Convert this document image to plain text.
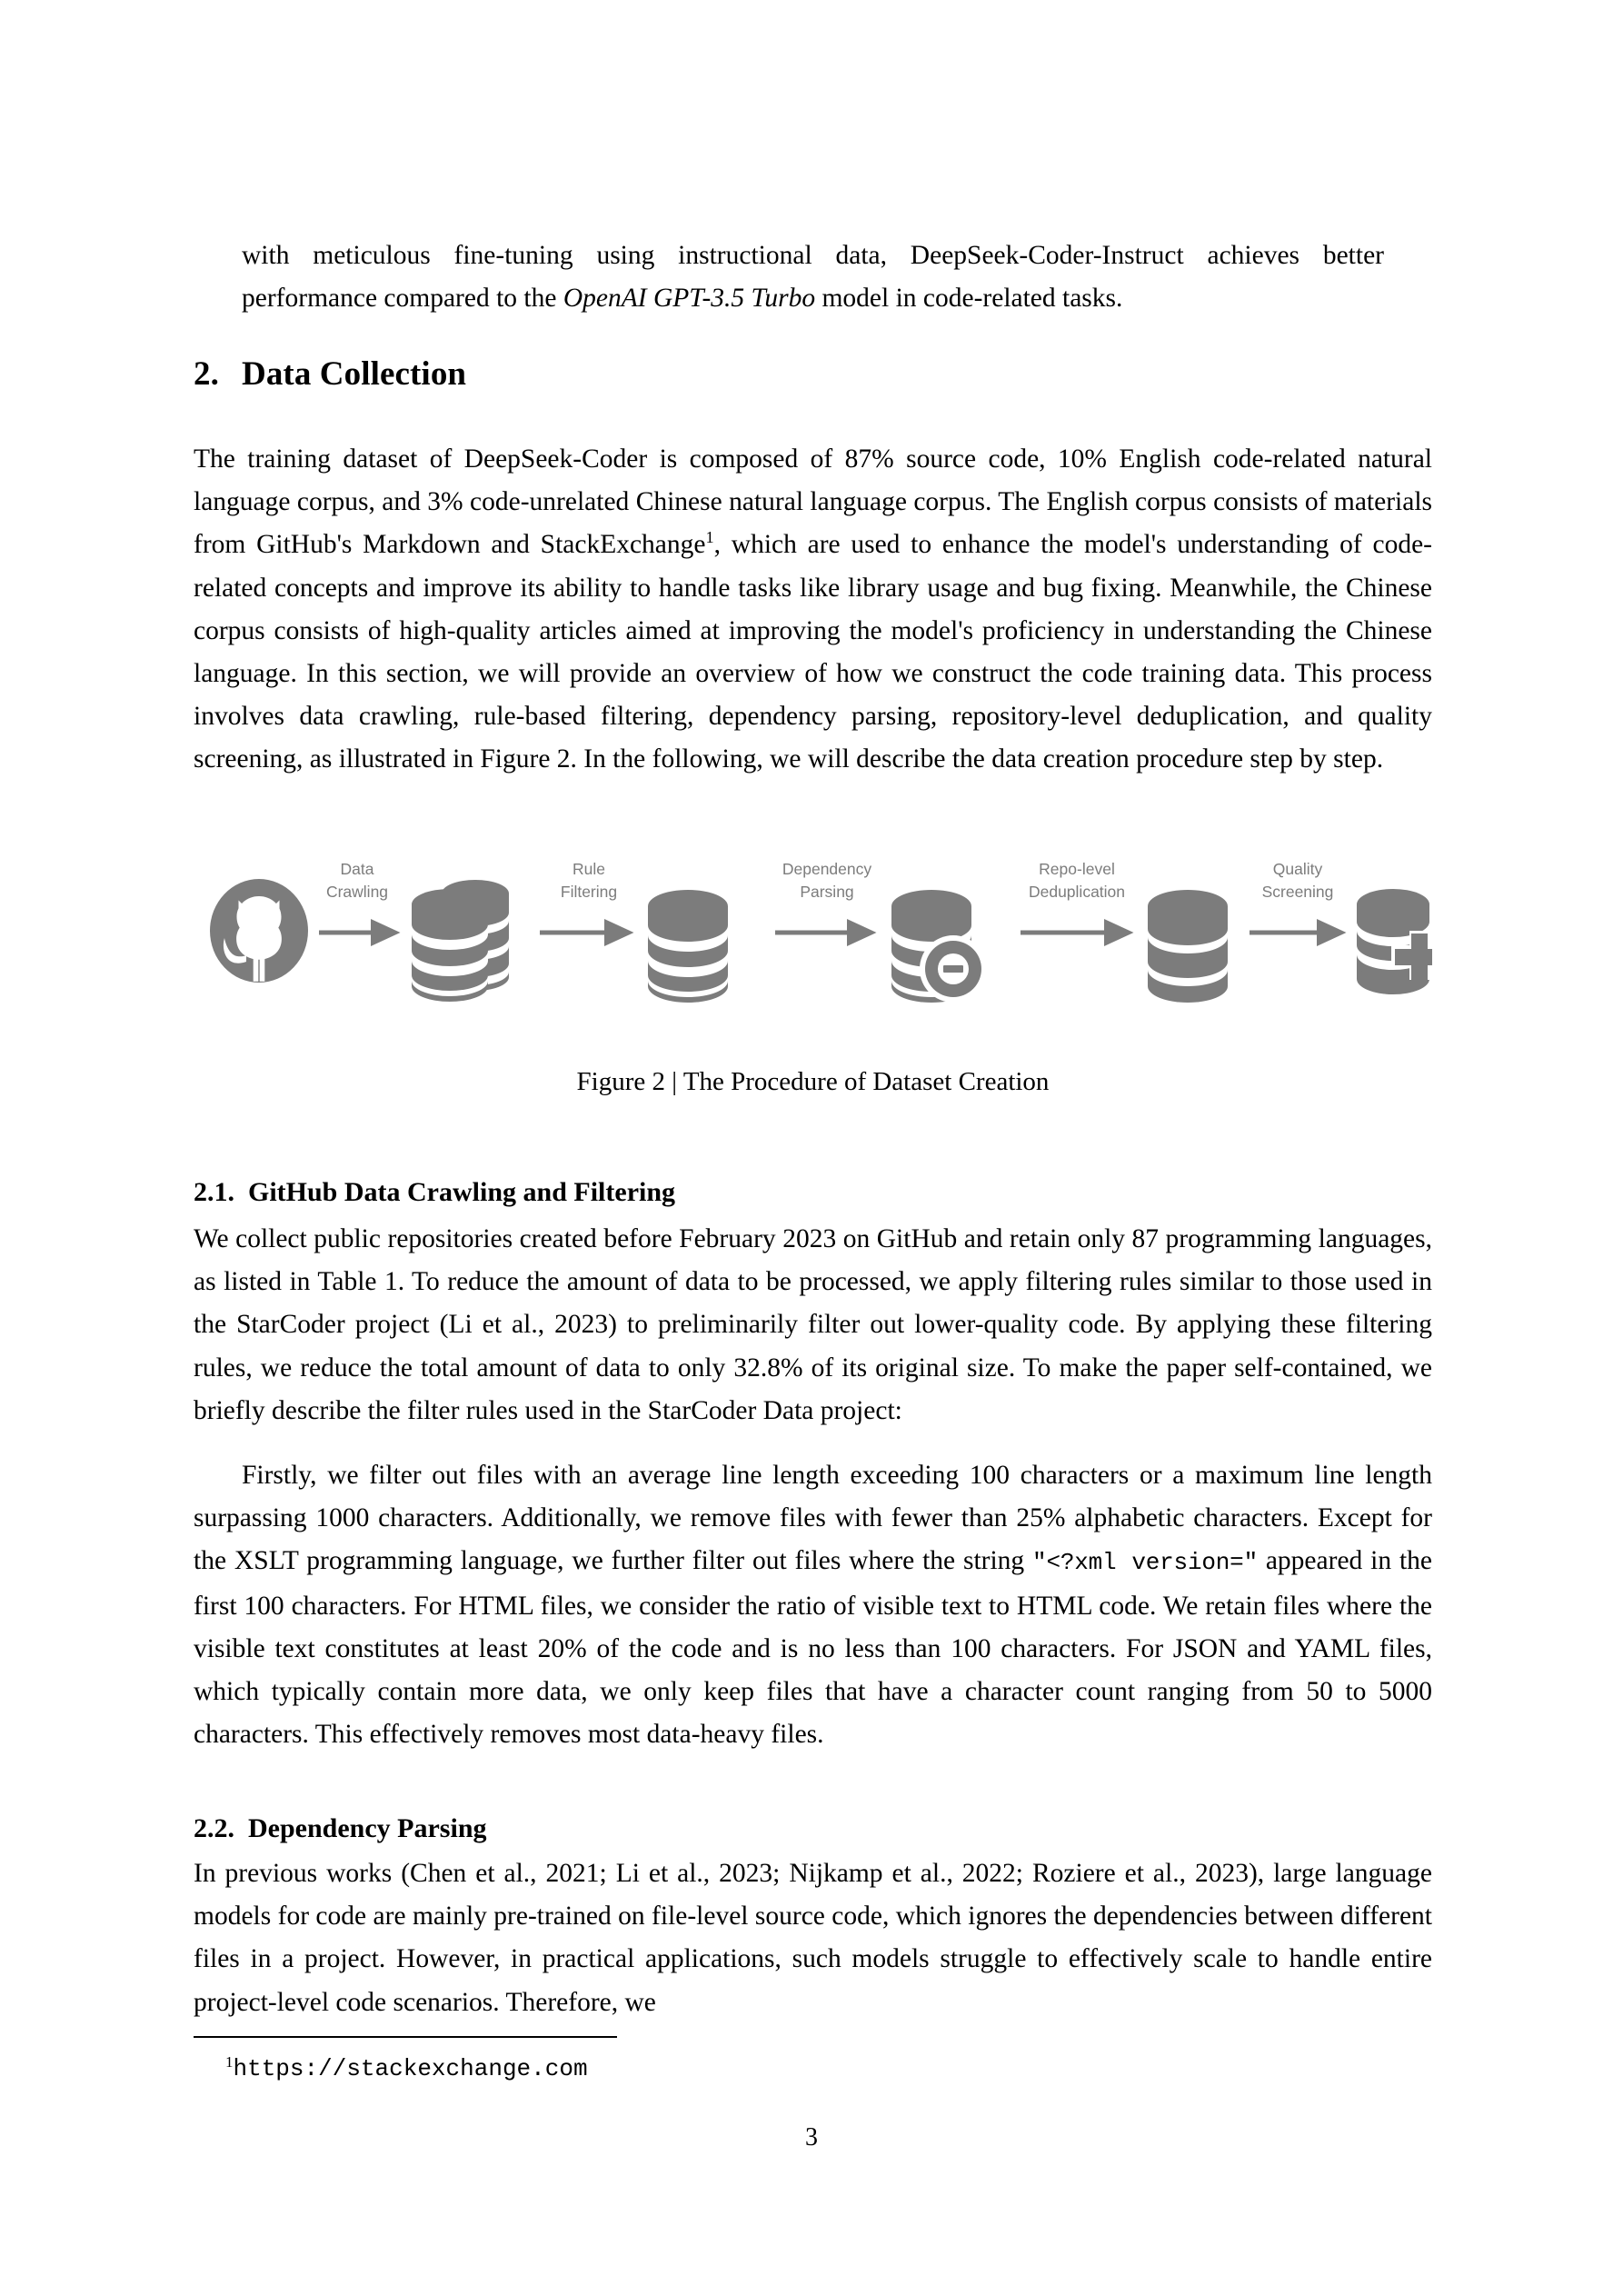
with meticulous fine-tuning using instructional data, DeepSeek-Coder-Instruct achieves better performance compared to the OpenAI GPT-3.5 Turbo model in code-related tasks.
2. Data Collection
The training dataset of DeepSeek-Coder is composed of 87% source code, 10% English code-related natural language corpus, and 3% code-unrelated Chinese natural language corpus. The English corpus consists of materials from GitHub's Markdown and StackExchange$^1$, which are used to enhance the model's understanding of code-related concepts and improve its ability to handle tasks like library usage and bug fixing. Meanwhile, the Chinese corpus consists of high-quality articles aimed at improving the model's proficiency in understanding the Chinese language. In this section, we will provide an overview of how we construct the code training data. This process involves data crawling, rule-based filtering, dependency parsing, repository-level deduplication, and quality screening, as illustrated in Figure 2. In the following, we will describe the data creation procedure step by step.
Data
Crawling
Rule
Filtering
Dependency
Parsing
Repo-level
Deduplication
Quality
Screening
Figure 2 | The Procedure of Dataset Creation
2.1. GitHub Data Crawling and Filtering
We collect public repositories created before February 2023 on GitHub and retain only 87 programming languages, as listed in Table 1. To reduce the amount of data to be processed, we apply filtering rules similar to those used in the StarCoder project (Li et al., 2023) to preliminarily filter out lower-quality code. By applying these filtering rules, we reduce the total amount of data to only 32.8% of its original size. To make the paper self-contained, we briefly describe the filter rules used in the StarCoder Data project:
Firstly, we filter out files with an average line length exceeding 100 characters or a maximum line length surpassing 1000 characters. Additionally, we remove files with fewer than 25% alphabetic characters. Except for the XSLT programming language, we further filter out files where the string "<?xml version=" appeared in the first 100 characters. For HTML files, we consider the ratio of visible text to HTML code. We retain files where the visible text constitutes at least 20% of the code and is no less than 100 characters. For JSON and YAML files, which typically contain more data, we only keep files that have a character count ranging from 50 to 5000 characters. This effectively removes most data-heavy files.
2.2. Dependency Parsing
In previous works (Chen et al., 2021; Li et al., 2023; Nijkamp et al., 2022; Roziere et al., 2023), large language models for code are mainly pre-trained on file-level source code, which ignores the dependencies between different files in a project. However, in practical applications, such models struggle to effectively scale to handle entire project-level code scenarios. Therefore, we
$^1$https://stackexchange.com
3
